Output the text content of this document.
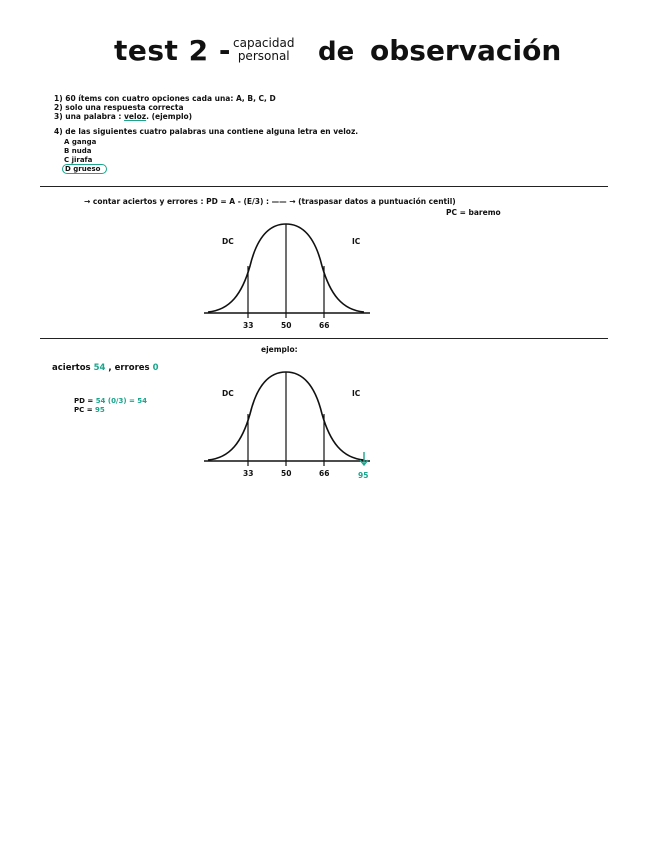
test 2 - capacidad
personal de observación
1) 60 ítems con cuatro opciones cada una: A, B, C, D
2) solo una respuesta correcta
3) una palabra : veloz. (ejemplo)
4) de las siguientes cuatro palabras una contiene alguna letra en veloz.
A ganga
B nuda
C jirafa
D grueso
→ contar aciertos y errores : PD = A - (E/3) : —— → (traspasar datos a puntuación centil)
PC = baremo
DC	IC
33	50	66
ejemplo:
aciertos 54 , errores 0
PD = 54 (0/3) = 54
PC = 95
DC	IC
33	50	66	95
